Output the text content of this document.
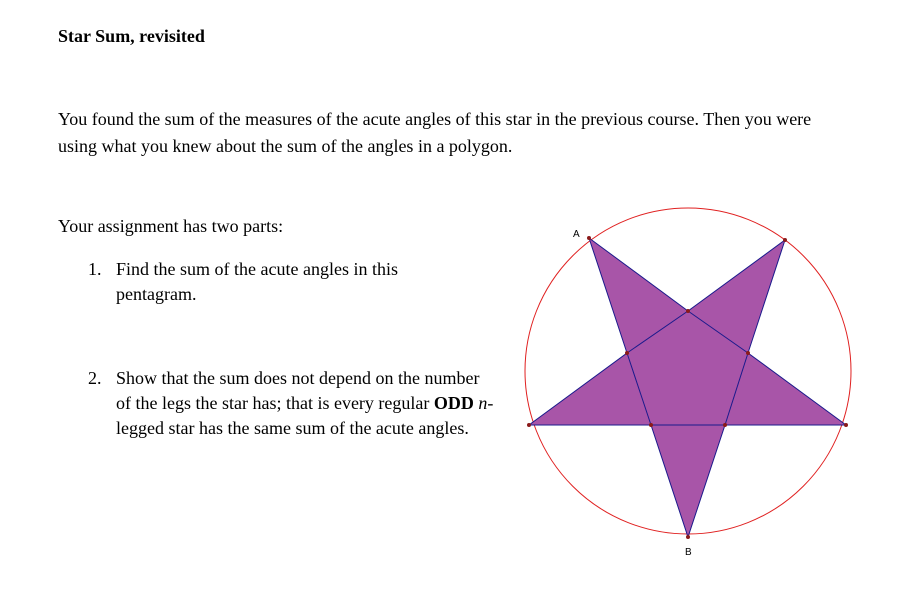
Star Sum, revisited

You found the sum of the measures of the acute angles of this star in the previous course. Then you were using what you knew about the sum of the angles in a polygon.

Your assignment has two parts:

1. Find the sum of the acute angles in this pentagram.
2. Show that the sum does not depend on the number of the legs the star has; that is every regular ODD n-legged star has the same sum of the acute angles.
A
B
